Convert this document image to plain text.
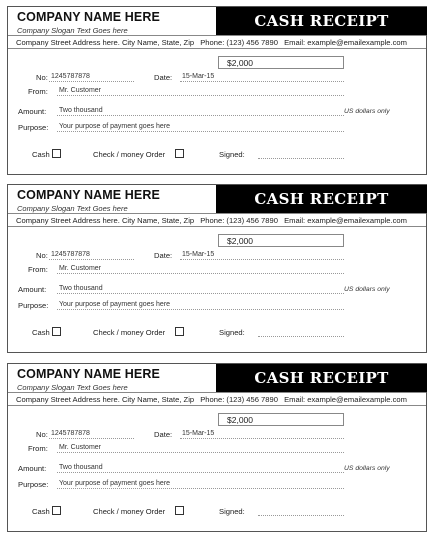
COMPANY NAME HERE
Company Slogan Text Goes here
CASH RECEIPT
Company Street Address here. City Name, State, Zip Phone: (123) 456 7890 Email: example@emailexample.com
$2,000
No: 1245787878	Date: 15-Mar-15
From: Mr. Customer
Amount: Two thousand	US dollars only
Purpose: Your purpose of payment goes here
Cash	Check / money Order	Signed:
COMPANY NAME HERE
Company Slogan Text Goes here
CASH RECEIPT
Company Street Address here. City Name, State, Zip Phone: (123) 456 7890 Email: example@emailexample.com
$2,000
No: 1245787878	Date: 15-Mar-15
From: Mr. Customer
Amount: Two thousand	US dollars only
Purpose: Your purpose of payment goes here
Cash	Check / money Order	Signed:
COMPANY NAME HERE
Company Slogan Text Goes here
CASH RECEIPT
Company Street Address here. City Name, State, Zip Phone: (123) 456 7890 Email: example@emailexample.com
$2,000
No: 1245787878	Date: 15-Mar-15
From: Mr. Customer
Amount: Two thousand	US dollars only
Purpose: Your purpose of payment goes here
Cash	Check / money Order	Signed:
